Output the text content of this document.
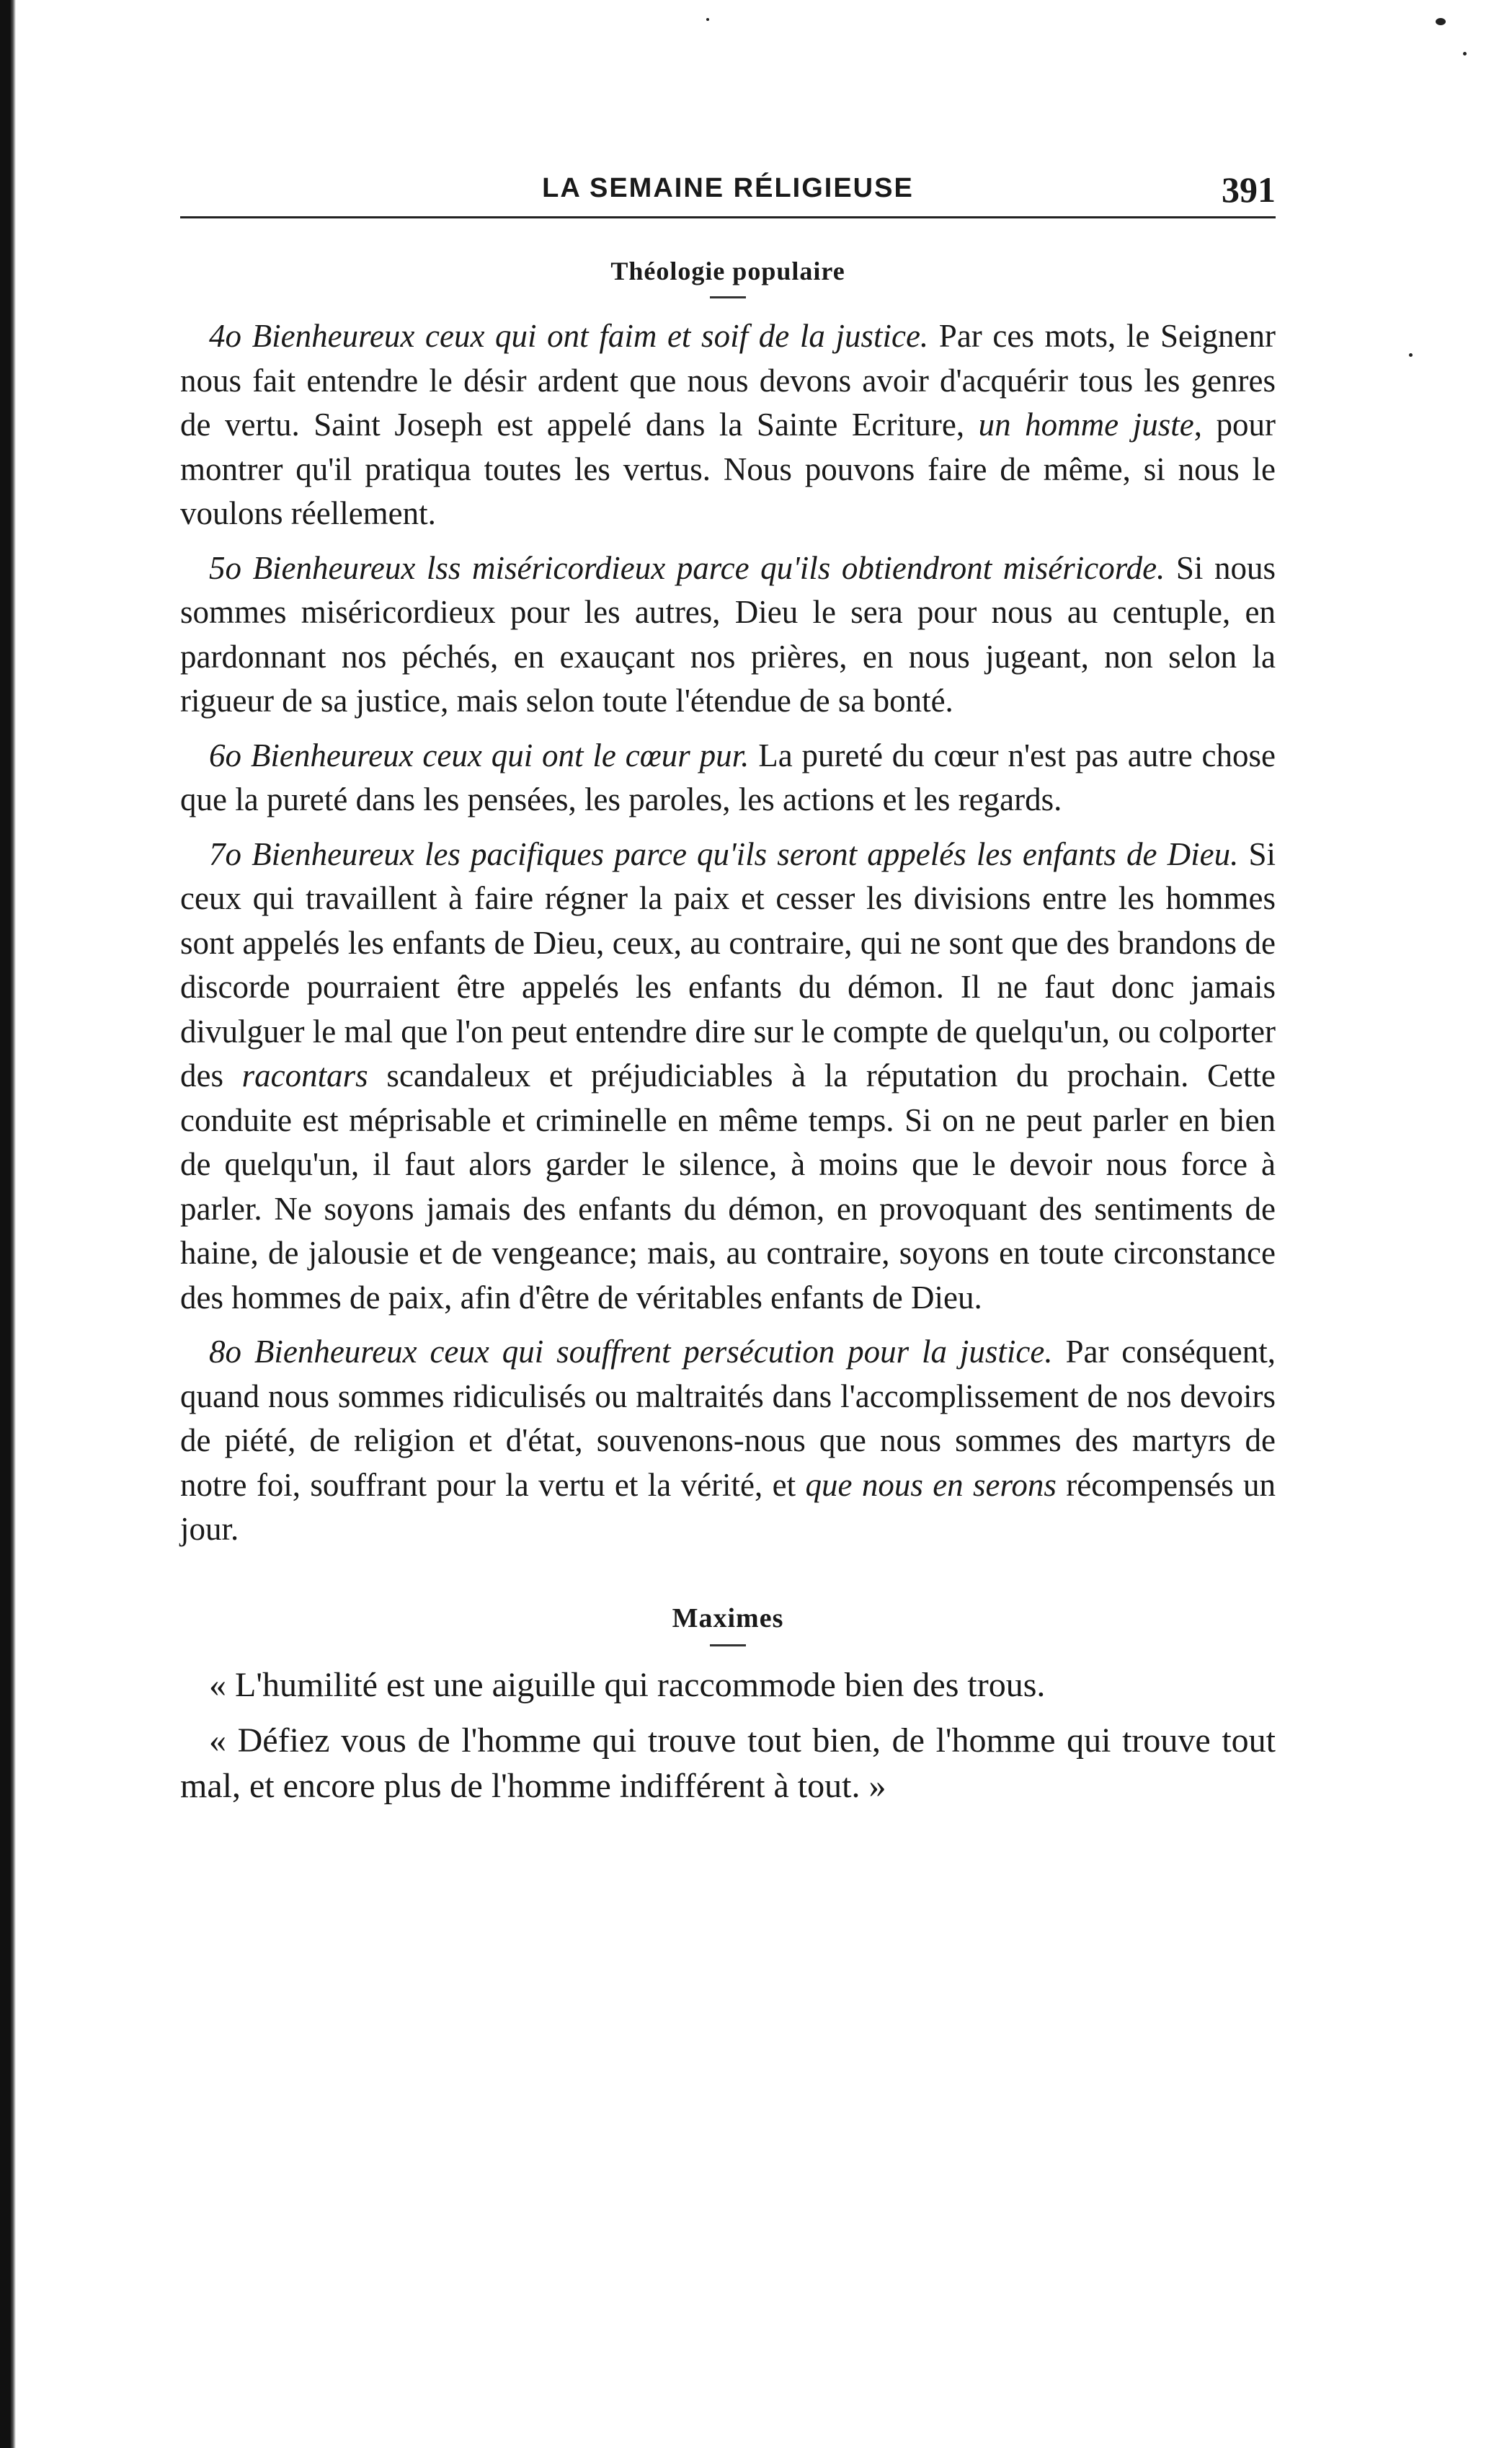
LA SEMAINE RÉLIGIEUSE	391
Théologie populaire

4o Bienheureux ceux qui ont faim et soif de la justice. Par ces mots, le Seignenr nous fait entendre le désir ardent que nous devons avoir d'acquérir tous les genres de vertu. Saint Joseph est appelé dans la Sainte Ecriture, un homme juste, pour montrer qu'il pratiqua toutes les vertus. Nous pouvons faire de même, si nous le voulons réellement.

5o Bienheureux lss miséricordieux parce qu'ils obtiendront miséricorde. Si nous sommes miséricordieux pour les autres, Dieu le sera pour nous au centuple, en pardonnant nos péchés, en exauçant nos prières, en nous jugeant, non selon la rigueur de sa justice, mais selon toute l'étendue de sa bonté.

6o Bienheureux ceux qui ont le cœur pur. La pureté du cœur n'est pas autre chose que la pureté dans les pensées, les paroles, les actions et les regards.

7o Bienheureux les pacifiques parce qu'ils seront appelés les enfants de Dieu. Si ceux qui travaillent à faire régner la paix et cesser les divisions entre les hommes sont appelés les enfants de Dieu, ceux, au contraire, qui ne sont que des brandons de discorde pourraient être appelés les enfants du démon. Il ne faut donc jamais divulguer le mal que l'on peut entendre dire sur le compte de quelqu'un, ou colporter des racontars scandaleux et préjudiciables à la réputation du prochain. Cette conduite est méprisable et criminelle en même temps. Si on ne peut parler en bien de quelqu'un, il faut alors garder le silence, à moins que le devoir nous force à parler. Ne soyons jamais des enfants du démon, en provoquant des sentiments de haine, de jalousie et de vengeance; mais, au contraire, soyons en toute circonstance des hommes de paix, afin d'être de véritables enfants de Dieu.

8o Bienheureux ceux qui souffrent persécution pour la justice. Par conséquent, quand nous sommes ridiculisés ou maltraités dans l'accomplissement de nos devoirs de piété, de religion et d'état, souvenons-nous que nous sommes des martyrs de notre foi, souffrant pour la vertu et la vérité, et que nous en serons récompensés un jour.

Maximes

« L'humilité est une aiguille qui raccommode bien des trous.

« Défiez vous de l'homme qui trouve tout bien, de l'homme qui trouve tout mal, et encore plus de l'homme indifférent à tout. »
